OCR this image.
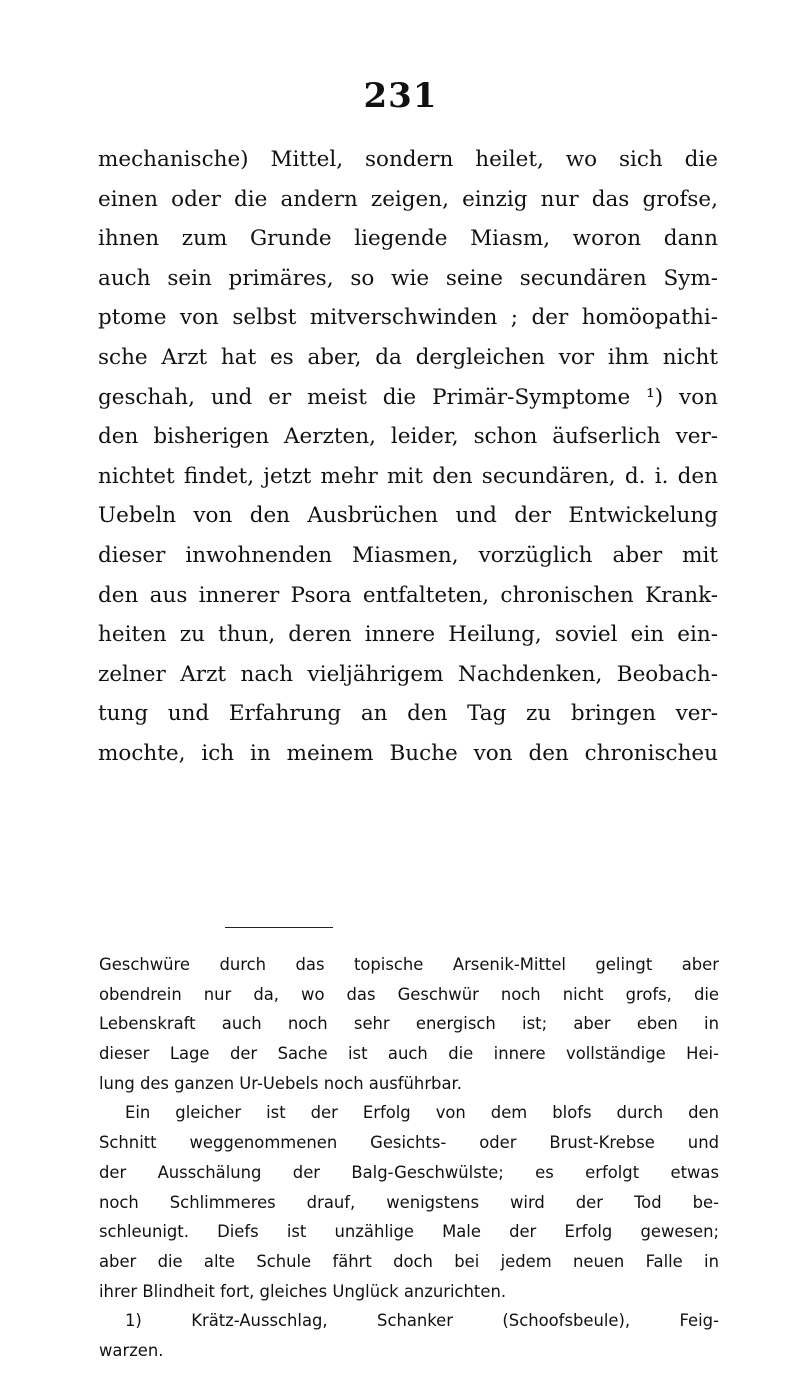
231
mechanische) Mittel, sondern heilet, wo sich die
einen oder die andern zeigen, einzig nur das grofse,
ihnen zum Grunde liegende Miasm, woron dann
auch sein primäres, so wie seine secundären Sym-
ptome von selbst mitverschwinden ; der homöopathi-
sche Arzt hat es aber, da dergleichen vor ihm nicht
geschah, und er meist die Primär-Symptome ¹) von
den bisherigen Aerzten, leider, schon äufserlich ver-
nichtet findet, jetzt mehr mit den secundären, d. i. den
Uebeln von den Ausbrüchen und der Entwickelung
dieser inwohnenden Miasmen, vorzüglich aber mit
den aus innerer Psora entfalteten, chronischen Krank-
heiten zu thun, deren innere Heilung, soviel ein ein-
zelner Arzt nach vieljährigem Nachdenken, Beobach-
tung und Erfahrung an den Tag zu bringen ver-
mochte, ich in meinem Buche von den chronischeu
Geschwüre durch das topische Arsenik-Mittel gelingt aber
obendrein nur da, wo das Geschwür noch nicht grofs, die
Lebenskraft auch noch sehr energisch ist; aber eben in
dieser Lage der Sache ist auch die innere vollständige Hei-
lung des ganzen Ur-Uebels noch ausführbar.
Ein gleicher ist der Erfolg von dem blofs durch den
Schnitt weggenommenen Gesichts- oder Brust-Krebse und
der Ausschälung der Balg-Geschwülste; es erfolgt etwas
noch Schlimmeres drauf, wenigstens wird der Tod be-
schleunigt. Diefs ist unzählige Male der Erfolg gewesen;
aber die alte Schule fährt doch bei jedem neuen Falle in
ihrer Blindheit fort, gleiches Unglück anzurichten.
1) Krätz-Ausschlag, Schanker (Schoofsbeule), Feig-
warzen.
